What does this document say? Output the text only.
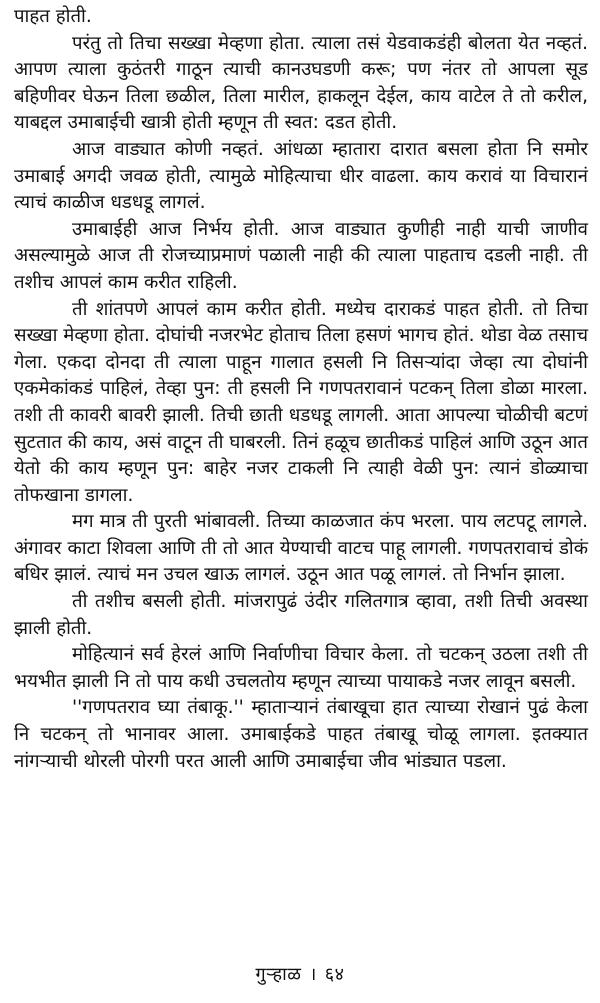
पाहत होती.

परंतु तो तिचा सख्खा मेव्हणा होता. त्याला तसं येडवाकडंही बोलता येत नव्हतं. आपण त्याला कुठंतरी गाठून त्याची कानउघडणी करू; पण नंतर तो आपला सूड बहिणीवर घेऊन तिला छळील, तिला मारील, हाकलून देईल, काय वाटेल ते तो करील, याबद्दल उमाबाईची खात्री होती म्हणून ती स्वत: दडत होती.

आज वाड्यात कोणी नव्हतं. आंधळा म्हातारा दारात बसला होता नि समोर उमाबाई अगदी जवळ होती, त्यामुळे मोहित्याचा धीर वाढला. काय करावं या विचारानं त्याचं काळीज धडधडू लागलं.

उमाबाईही आज निर्भय होती. आज वाड्यात कुणीही नाही याची जाणीव असल्यामुळे आज ती रोजच्याप्रमाणं पळाली नाही की त्याला पाहताच दडली नाही. ती तशीच आपलं काम करीत राहिली.

ती शांतपणे आपलं काम करीत होती. मध्येच दाराकडं पाहत होती. तो तिचा सख्खा मेव्हणा होता. दोघांची नजरभेट होताच तिला हसणं भागच होतं. थोडा वेळ तसाच गेला. एकदा दोनदा ती त्याला पाहून गालात हसली नि तिसऱ्यांदा जेव्हा त्या दोघांनी एकमेकांकडं पाहिलं, तेव्हा पुन: ती हसली नि गणपतरावानं पटकन् तिला डोळा मारला. तशी ती कावरी बावरी झाली. तिची छाती धडधडू लागली. आता आपल्या चोळीची बटणं सुटतात की काय, असं वाटून ती घाबरली. तिनं हळूच छातीकडं पाहिलं आणि उठून आत येतो की काय म्हणून पुन: बाहेर नजर टाकली नि त्याही वेळी पुन: त्यानं डोळ्याचा तोफखाना डागला.

मग मात्र ती पुरती भांबावली. तिच्या काळजात कंप भरला. पाय लटपटू लागले. अंगावर काटा शिवला आणि ती तो आत येण्याची वाटच पाहू लागली. गणपतरावाचं डोकं बधिर झालं. त्याचं मन उचल खाऊ लागलं. उठून आत पळू लागलं. तो निर्भान झाला.

ती तशीच बसली होती. मांजरापुढं उंदीर गलितगात्र व्हावा, तशी तिची अवस्था झाली होती.

मोहित्यानं सर्व हेरलं आणि निर्वाणीचा विचार केला. तो चटकन् उठला तशी ती भयभीत झाली नि तो पाय कधी उचलतोय म्हणून त्याच्या पायाकडे नजर लावून बसली.

''गणपतराव घ्या तंबाकू.'' म्हाताऱ्यानं तंबाखूचा हात त्याच्या रोखानं पुढं केला नि चटकन् तो भानावर आला. उमाबाईकडे पाहत तंबाखू चोळू लागला. इतक्यात नांगऱ्याची थोरली पोरगी परत आली आणि उमाबाईचा जीव भांड्यात पडला.

गुऱ्हाळ । ६४
